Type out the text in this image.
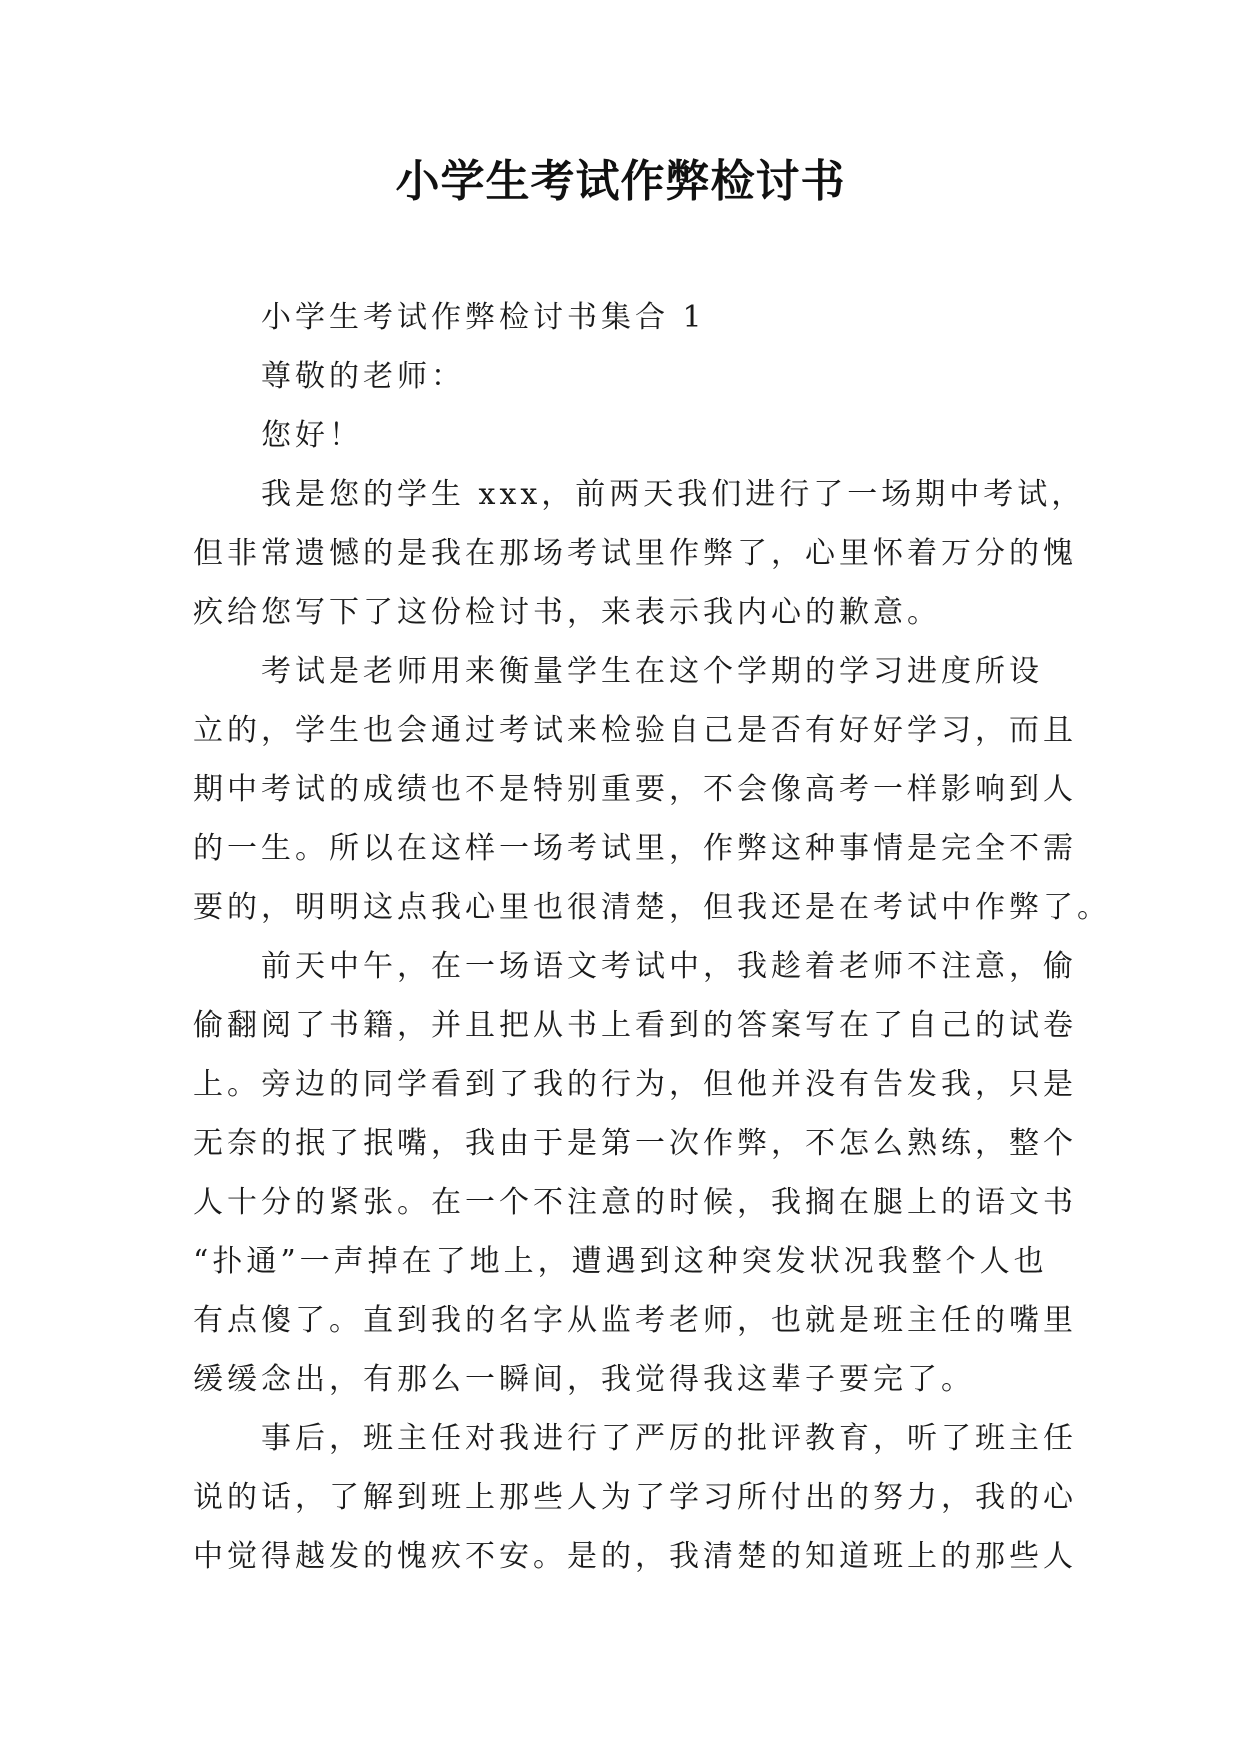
小学生考试作弊检讨书
小学生考试作弊检讨书集合 1
尊敬的老师：
您好！
我是您的学生 xxx，前两天我们进行了一场期中考试，
但非常遗憾的是我在那场考试里作弊了，心里怀着万分的愧
疚给您写下了这份检讨书，来表示我内心的歉意。
考试是老师用来衡量学生在这个学期的学习进度所设
立的，学生也会通过考试来检验自己是否有好好学习，而且
期中考试的成绩也不是特别重要，不会像高考一样影响到人
的一生。所以在这样一场考试里，作弊这种事情是完全不需
要的，明明这点我心里也很清楚，但我还是在考试中作弊了。
前天中午，在一场语文考试中，我趁着老师不注意，偷
偷翻阅了书籍，并且把从书上看到的答案写在了自己的试卷
上。旁边的同学看到了我的行为，但他并没有告发我，只是
无奈的抿了抿嘴，我由于是第一次作弊，不怎么熟练，整个
人十分的紧张。在一个不注意的时候，我搁在腿上的语文书
“扑通”一声掉在了地上，遭遇到这种突发状况我整个人也
有点傻了。直到我的名字从监考老师，也就是班主任的嘴里
缓缓念出，有那么一瞬间，我觉得我这辈子要完了。
事后，班主任对我进行了严厉的批评教育，听了班主任
说的话，了解到班上那些人为了学习所付出的努力，我的心
中觉得越发的愧疚不安。是的，我清楚的知道班上的那些人
